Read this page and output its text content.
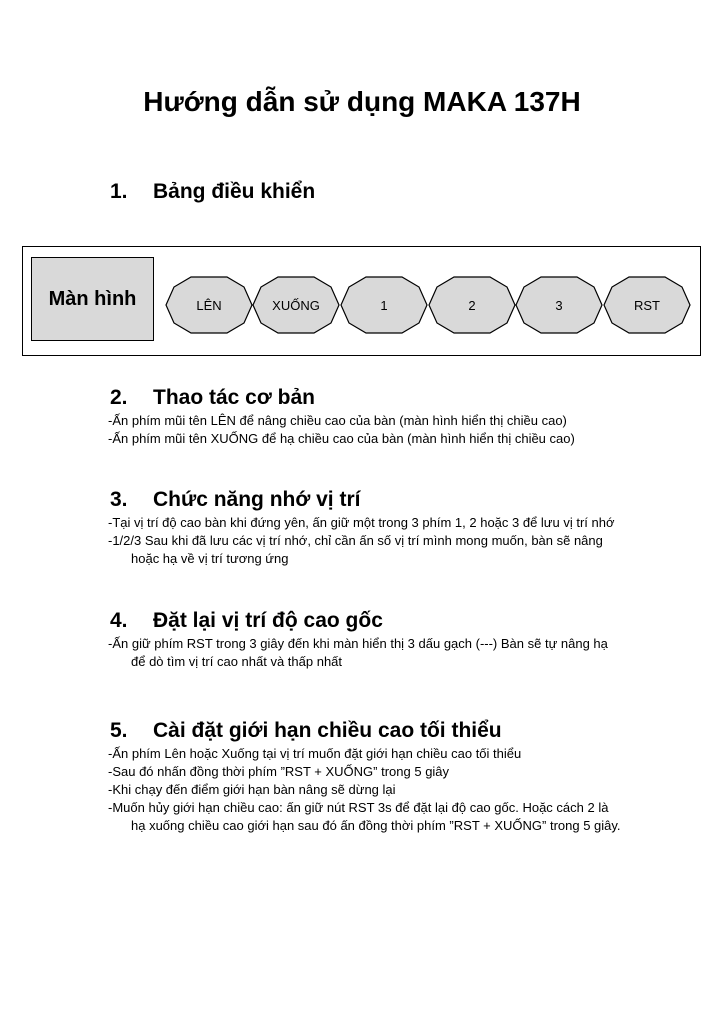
Hướng dẫn sử dụng MAKA 137H
1. Bảng điều khiển
Màn hình	LÊN	XUỐNG	1	2	3	RST
2. Thao tác cơ bản
-Ấn phím mũi tên LÊN để nâng chiều cao của bàn (màn hình hiển thị chiều cao)
-Ấn phím mũi tên XUỐNG để hạ chiều cao của bàn (màn hình hiển thị chiều cao)
3. Chức năng nhớ vị trí
-Tại vị trí độ cao bàn khi đứng yên, ấn giữ một trong 3 phím 1, 2 hoặc 3 để lưu vị trí nhớ
-1/2/3 Sau khi đã lưu các vị trí nhớ, chỉ cần ấn số vị trí mình mong muốn, bàn sẽ nâng
hoặc hạ về vị trí tương ứng
4. Đặt lại vị trí độ cao gốc
-Ấn giữ phím RST trong 3 giây đến khi màn hiển thị 3 dấu gạch (---) Bàn sẽ tự nâng hạ
để dò tìm vị trí cao nhất và thấp nhất
5. Cài đặt giới hạn chiều cao tối thiểu
-Ấn phím Lên hoặc Xuống tại vị trí muốn đặt giới hạn chiều cao tối thiểu
-Sau đó nhấn đồng thời phím ”RST + XUỐNG” trong 5 giây
-Khi chạy đến điểm giới hạn bàn nâng sẽ dừng lại
-Muốn hủy giới hạn chiều cao: ấn giữ nút RST 3s để đặt lại độ cao gốc. Hoặc cách 2 là
hạ xuống chiều cao giới hạn sau đó ấn đồng thời phím ”RST + XUỐNG” trong 5 giây.
